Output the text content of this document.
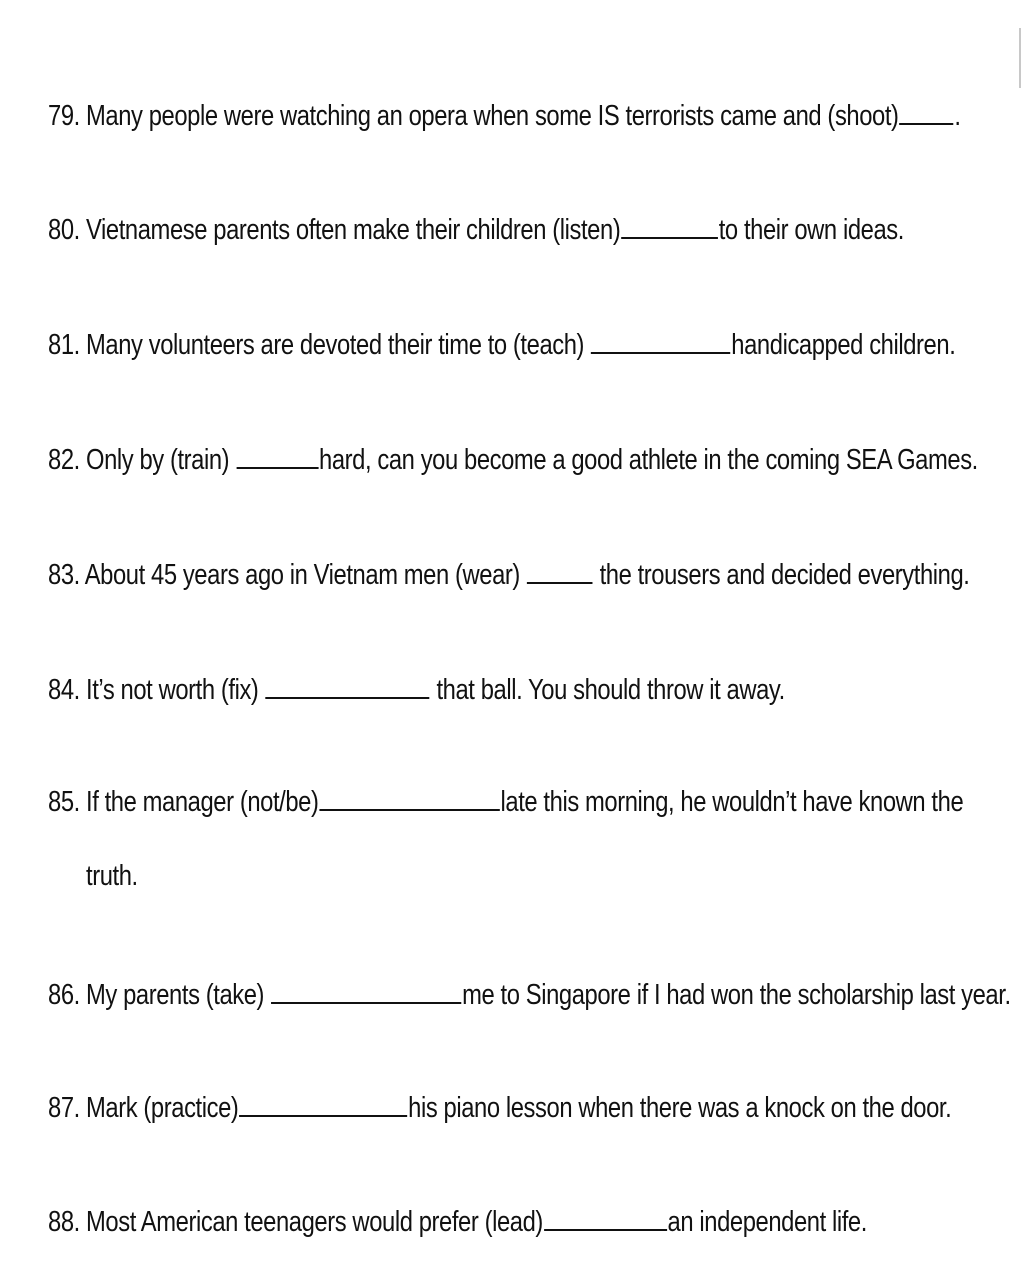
79. Many people were watching an opera when some IS terrorists came and (shoot) .
80. Vietnamese parents often make their children (listen)	to their own ideas.
81. Many volunteers are devoted their time to (teach)	handicapped children.
82. Only by (train)	hard, can you become a good athlete in the coming SEA Games.
83. About 45 years ago in Vietnam men (wear)  the trousers and decided everything.
84. It’s not worth (fix)	that ball. You should throw it away.
85. If the manager (not/be)	late this morning, he wouldn’t have known the
truth.
86. My parents (take)	me to Singapore if I had won the scholarship last year.
87. Mark (practice)	his piano lesson when there was a knock on the door.
88. Most American teenagers would prefer (lead)	an independent life.
